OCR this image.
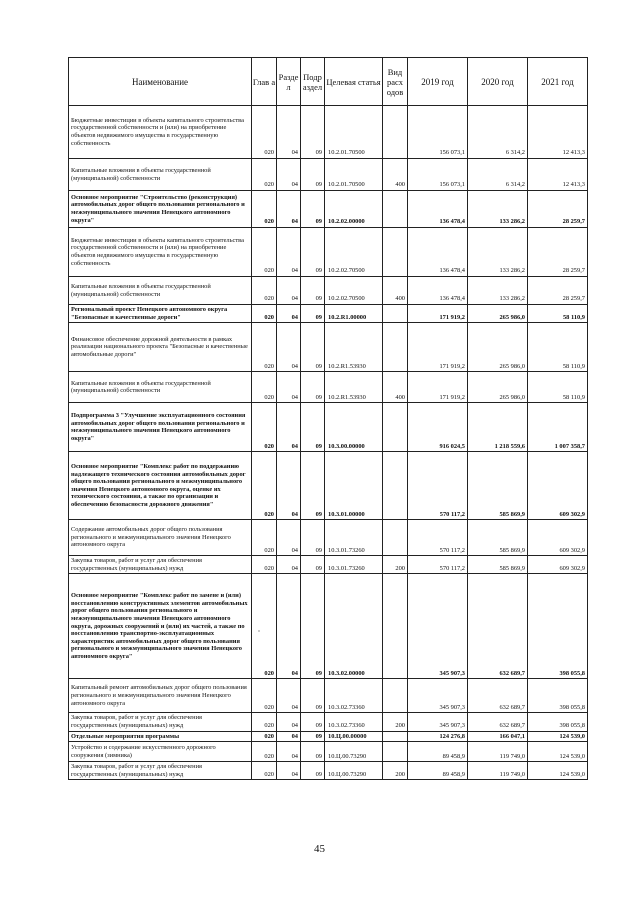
Наименование	Глав а	Разде л	Подр аздел	Целевая статья	Вид расх одов	2019 год	2020 год	2021 год
Бюджетные инвестиции в объекты капитального строительства государственной собственности и (или) на приобретение объектов недвижимого имущества в государственную собственность	020	04	09	10.2.01.70500		156 073,1	6 314,2	12 413,3
Капитальные вложения в объекты государственной (муниципальной) собственности	020	04	09	10.2.01.70500	400	156 073,1	6 314,2	12 413,3
Основное мероприятие "Строительство (реконструкция) автомобильных дорог общего пользования регионального и межмуниципального значения Ненецкого автономного округа"	020	04	09	10.2.02.00000		136 478,4	133 286,2	28 259,7
Бюджетные инвестиции в объекты капитального строительства государственной собственности и (или) на приобретение объектов недвижимого имущества в государственную собственность	020	04	09	10.2.02.70500		136 478,4	133 286,2	28 259,7
Капитальные вложения в объекты государственной (муниципальной) собственности	020	04	09	10.2.02.70500	400	136 478,4	133 286,2	28 259,7
Региональный проект Ненецкого автономного округа "Безопасные и качественные дороги"	020	04	09	10.2.R1.00000		171 919,2	265 986,0	58 110,9
Финансовое обеспечение дорожной деятельности в рамках реализации национального проекта "Безопасные и качественные автомобильные дороги"	020	04	09	10.2.R1.53930		171 919,2	265 986,0	58 110,9
Капитальные вложения в объекты государственной (муниципальной) собственности	020	04	09	10.2.R1.53930	400	171 919,2	265 986,0	58 110,9
Подпрограмма 3 "Улучшение эксплуатационного состояния автомобильных дорог общего пользования регионального и межмуниципального значения Ненецкого автономного округа"	020	04	09	10.3.00.00000		916 024,5	1 218 559,6	1 007 358,7
Основное мероприятие "Комплекс работ по поддержанию надлежащего технического состояния автомобильных дорог общего пользования регионального и межмуниципального значения Ненецкого автономного округа, оценке их технического состояния, а также по организации и обеспечению безопасности дорожного движения"	020	04	09	10.3.01.00000		570 117,2	585 869,9	609 302,9
Содержание автомобильных дорог общего пользования регионального и межмуниципального значения Ненецкого автономного округа	020	04	09	10.3.01.73260		570 117,2	585 869,9	609 302,9
Закупка товаров, работ и услуг для обеспечения государственных (муниципальных) нужд	020	04	09	10.3.01.73260	200	570 117,2	585 869,9	609 302,9
Основное мероприятие "Комплекс работ по замене и (или) восстановлению конструктивных элементов автомобильных дорог общего пользования регионального и межмуниципального значения Ненецкого автономного округа, дорожных сооружений и (или) их частей, а также по восстановлению транспортно-эксплуатационных характеристик автомобильных дорог общего пользования регионального и межмуниципального значения Ненецкого автономного округа"	020	04	09	10.3.02.00000		345 907,3	632 689,7	398 055,8
Капитальный ремонт автомобильных дорог общего пользования регионального и межмуниципального значения Ненецкого автономного округа	020	04	09	10.3.02.73360		345 907,3	632 689,7	398 055,8
Закупка товаров, работ и услуг для обеспечения государственных (муниципальных) нужд	020	04	09	10.3.02.73360	200	345 907,3	632 689,7	398 055,8
Отдельные мероприятия программы	020	04	09	10.Ц.00.00000		124 276,8	166 047,1	124 539,0
Устройство и содержание искусственного дорожного сооружения (зимника)	020	04	09	10.Ц.00.73290		89 458,9	119 749,0	124 539,0
Закупка товаров, работ и услуг для обеспечения государственных (муниципальных) нужд	020	04	09	10.Ц.00.73290	200	89 458,9	119 749,0	124 539,0
45
